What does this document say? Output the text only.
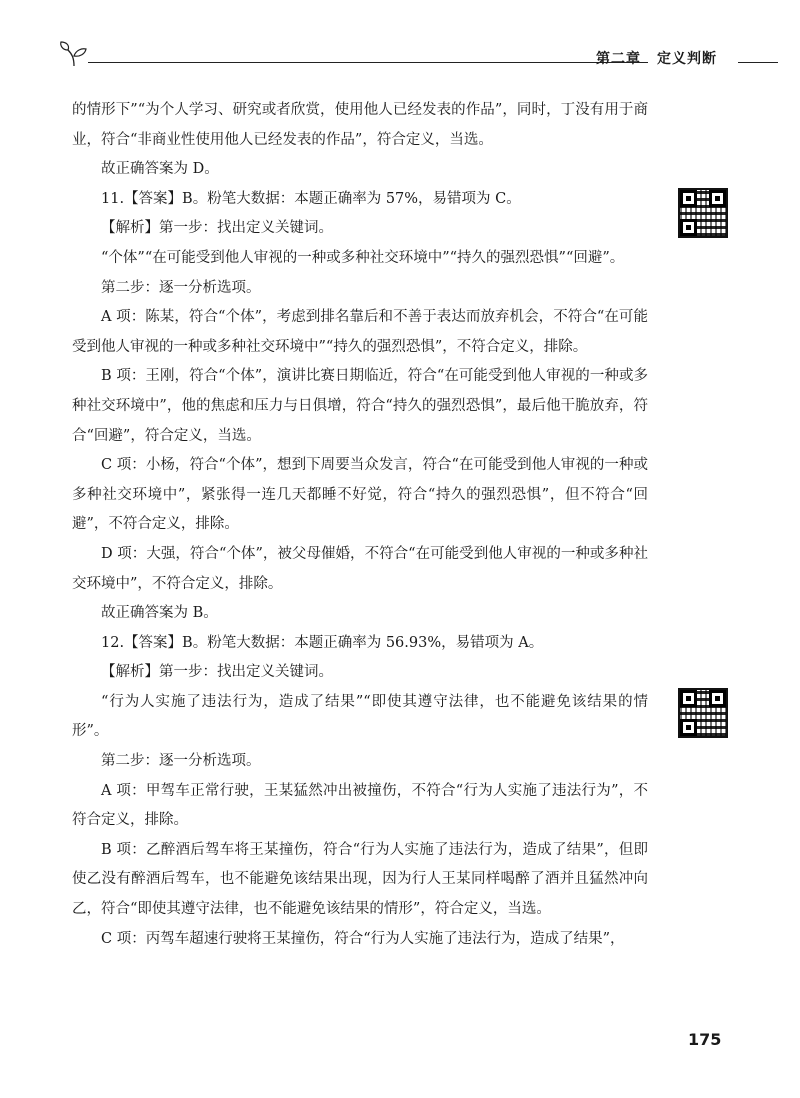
第二章 定义判断

的情形下”“为个人学习、研究或者欣赏，使用他人已经发表的作品”，同时，丁没有用于商业，符合“非商业性使用他人已经发表的作品”，符合定义，当选。

故正确答案为 D。

11.【答案】B。粉笔大数据：本题正确率为 57%，易错项为 C。

【解析】第一步：找出定义关键词。

“个体”“在可能受到他人审视的一种或多种社交环境中”“持久的强烈恐惧”“回避”。

第二步：逐一分析选项。

A 项：陈某，符合“个体”，考虑到排名靠后和不善于表达而放弃机会，不符合“在可能受到他人审视的一种或多种社交环境中”“持久的强烈恐惧”，不符合定义，排除。

B 项：王刚，符合“个体”，演讲比赛日期临近，符合“在可能受到他人审视的一种或多种社交环境中”，他的焦虑和压力与日俱增，符合“持久的强烈恐惧”，最后他干脆放弃，符合“回避”，符合定义，当选。

C 项：小杨，符合“个体”，想到下周要当众发言，符合“在可能受到他人审视的一种或多种社交环境中”，紧张得一连几天都睡不好觉，符合“持久的强烈恐惧”，但不符合“回避”，不符合定义，排除。

D 项：大强，符合“个体”，被父母催婚，不符合“在可能受到他人审视的一种或多种社交环境中”，不符合定义，排除。

故正确答案为 B。

12.【答案】B。粉笔大数据：本题正确率为 56.93%，易错项为 A。

【解析】第一步：找出定义关键词。

“行为人实施了违法行为，造成了结果”“即使其遵守法律，也不能避免该结果的情形”。

第二步：逐一分析选项。

A 项：甲驾车正常行驶，王某猛然冲出被撞伤，不符合“行为人实施了违法行为”，不符合定义，排除。

B 项：乙醉酒后驾车将王某撞伤，符合“行为人实施了违法行为，造成了结果”，但即使乙没有醉酒后驾车，也不能避免该结果出现，因为行人王某同样喝醉了酒并且猛然冲向乙，符合“即使其遵守法律，也不能避免该结果的情形”，符合定义，当选。

C 项：丙驾车超速行驶将王某撞伤，符合“行为人实施了违法行为，造成了结果”，

175
